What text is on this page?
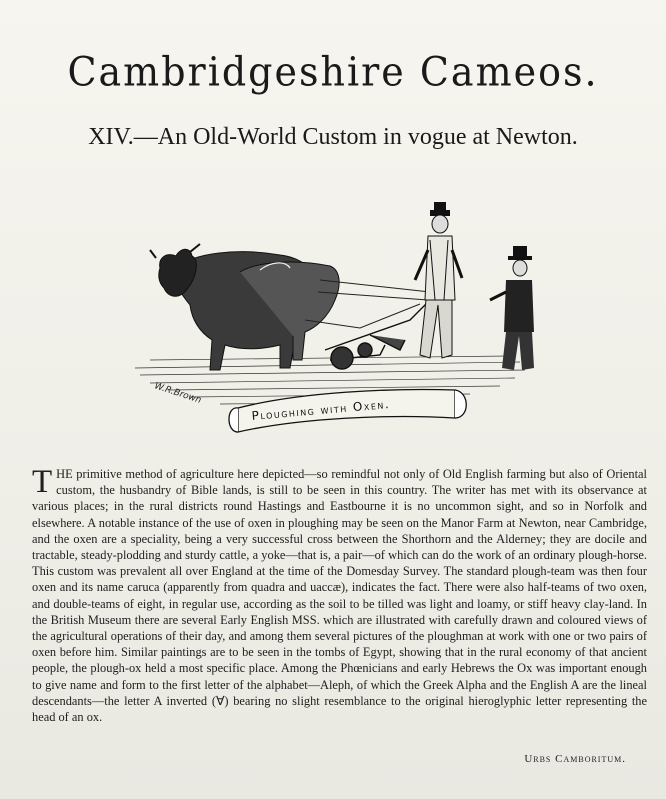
Cambridgeshire Cameos.
XIV.—An Old-World Custom in vogue at Newton.
W.R.Brown
Ploughing with Oxen.
T HE primitive method of agriculture here depicted—so remindful not only of Old English farming but also of Oriental custom, the husbandry of Bible lands, is still to be seen in this country. The writer has met with its observance at various places; in the rural districts round Hastings and Eastbourne it is no uncommon sight, and so in Norfolk and elsewhere. A notable instance of the use of oxen in ploughing may be seen on the Manor Farm at Newton, near Cambridge, and the oxen are a speciality, being a very successful cross between the Shorthorn and the Alderney; they are docile and tractable, steady-plodding and sturdy cattle, a yoke—that is, a pair—of which can do the work of an ordinary plough-horse. This custom was prevalent all over England at the time of the Domesday Survey. The standard plough-team was then four oxen and its name caruca (apparently from quadra and uaccæ), indicates the fact. There were also half-teams of two oxen, and double-teams of eight, in regular use, according as the soil to be tilled was light and loamy, or stiff heavy clay-land. In the British Museum there are several Early English MSS. which are illustrated with carefully drawn and coloured views of the agricultural operations of their day, and among them several pictures of the ploughman at work with one or two pairs of oxen before him. Similar paintings are to be seen in the tombs of Egypt, showing that in the rural economy of that ancient people, the plough-ox held a most specific place. Among the Phœnicians and early Hebrews the Ox was important enough to give name and form to the first letter of the alphabet—Aleph, of which the Greek Alpha and the English A are the lineal descendants—the letter A inverted (∀) bearing no slight resemblance to the original hieroglyphic letter representing the head of an ox.
Urbs Camboritum.
